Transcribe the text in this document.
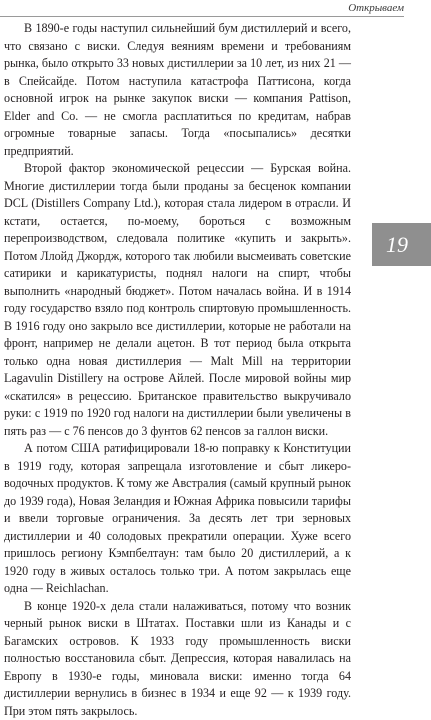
Открываем

В 1890-е годы наступил сильнейший бум дистиллерий и всего, что связано с виски. Следуя веяниям времени и требованиям рынка, было открыто 33 новых дистиллерии за 10 лет, из них 21 — в Спейсайде. Потом наступила катастрофа Паттисона, когда основной игрок на рынке закупок виски — компания Pattison, Elder and Co. — не смогла расплатиться по кредитам, набрав огромные товарные запасы. Тогда «посыпались» десятки предприятий.

Второй фактор экономической рецессии — Бурская война. Многие дистиллерии тогда были проданы за бесценок компании DCL (Distillers Company Ltd.), которая стала лидером в отрасли. И кстати, остается, по-моему, бороться с возможным перепроизводством, следовала политике «купить и закрыть». Потом Ллойд Джордж, которого так любили высмеивать советские сатирики и карикатуристы, поднял налоги на спирт, чтобы выполнить «народный бюджет». Потом началась война. И в 1914 году государство взяло под контроль спиртовую промышленность. В 1916 году оно закрыло все дистиллерии, которые не работали на фронт, например не делали ацетон. В тот период была открыта только одна новая дистиллерия — Malt Mill на территории Lagavulin Distillery на острове Айлей. После мировой войны мир «скатился» в рецессию. Британское правительство выкручивало руки: с 1919 по 1920 год налоги на дистиллерии были увеличены в пять раз — с 76 пенсов до 3 фунтов 62 пенсов за галлон виски.

А потом США ратифицировали 18-ю поправку к Конституции в 1919 году, которая запрещала изготовление и сбыт ликеро-водочных продуктов. К тому же Австралия (самый крупный рынок до 1939 года), Новая Зеландия и Южная Африка повысили тарифы и ввели торговые ограничения. За десять лет три зерновых дистиллерии и 40 солодовых прекратили операции. Хуже всего пришлось региону Кэмпбелтаун: там было 20 дистиллерий, а к 1920 году в живых осталось только три. А потом закрылась еще одна — Reichlachan.

В конце 1920-х дела стали налаживаться, потому что возник черный рынок виски в Штатах. Поставки шли из Канады и с Багамских островов. К 1933 году промышленность виски полностью восстановила сбыт. Депрессия, которая навалилась на Европу в 1930-е годы, миновала виски: именно тогда 64 дистиллерии вернулись в бизнес в 1934 и еще 92 — к 1939 году. При этом пять закрылось.

19
